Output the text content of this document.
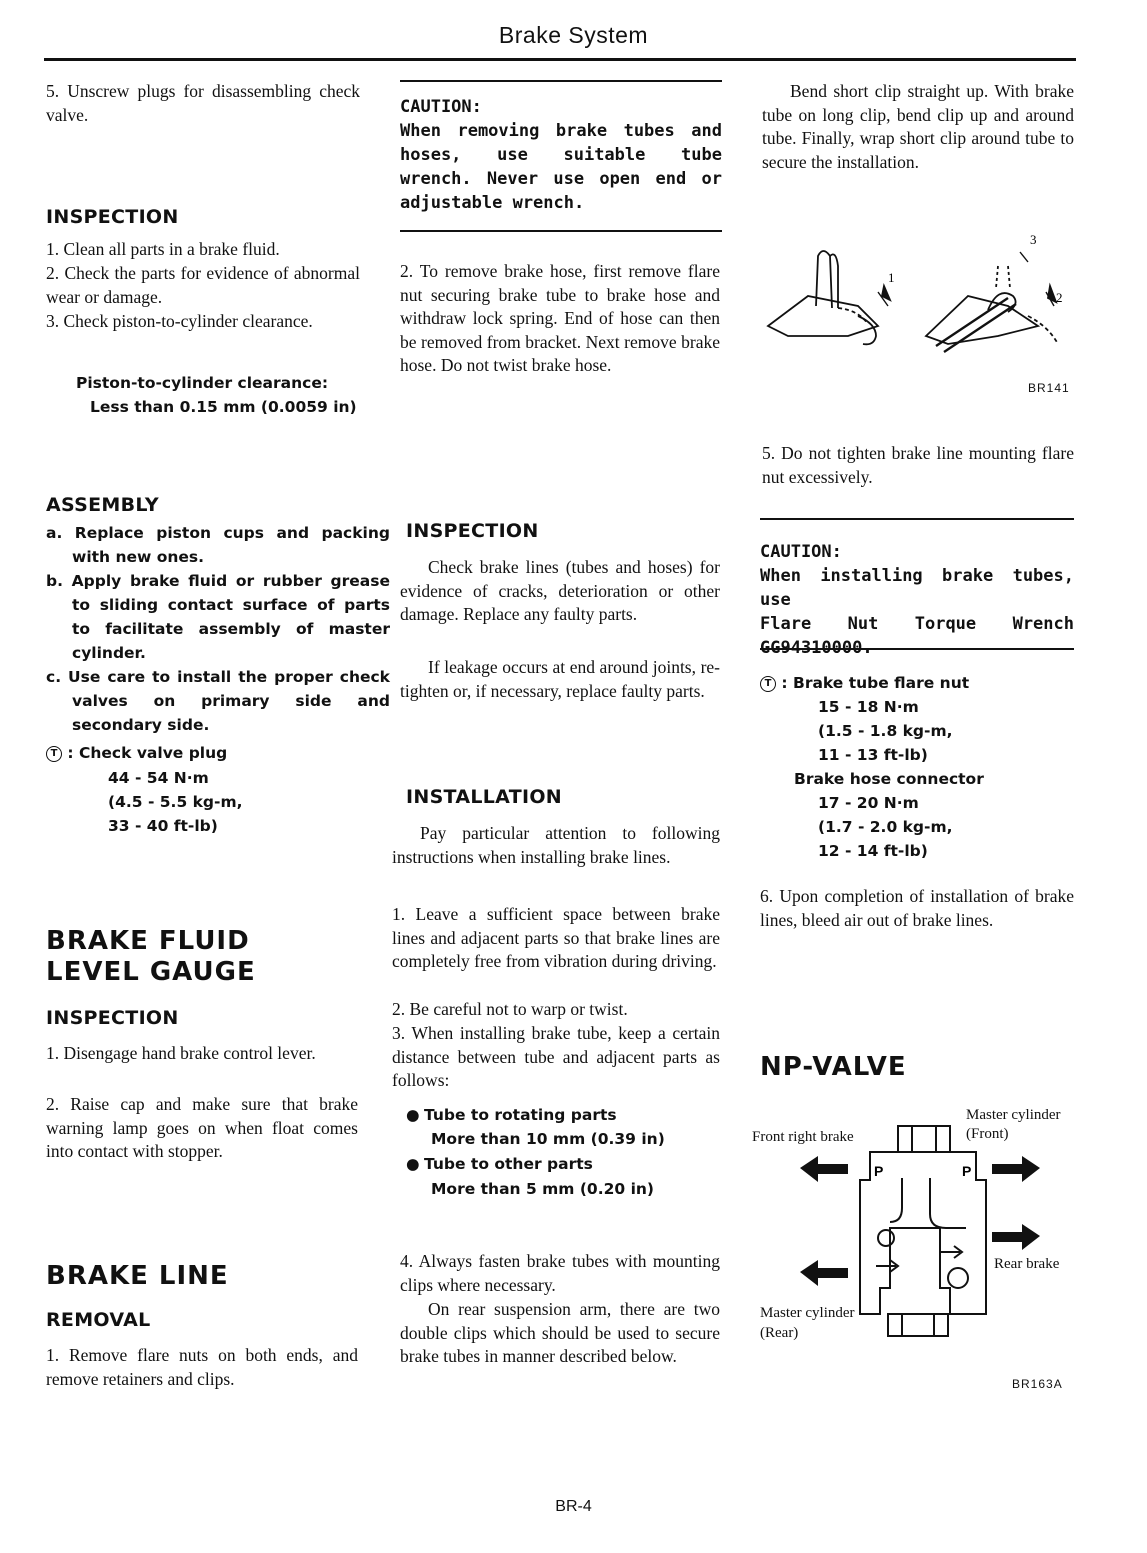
Brake System

5. Unscrew plugs for disassembling check valve.

INSPECTION

1. Clean all parts in a brake fluid.

2. Check the parts for evidence of abnormal wear or damage.

3. Check piston-to-cylinder clearance.

Piston-to-cylinder clearance:
Less than 0.15 mm (0.0059 in)
ASSEMBLY
a. Replace piston cups and packing with new ones.
b. Apply brake fluid or rubber grease to sliding contact surface of parts to facilitate assembly of master cylinder.
c. Use care to install the proper check valves on primary side and secondary side.
T : Check valve plug
44 - 54 N·m
(4.5 - 5.5 kg-m,
33 - 40 ft-lb)
BRAKE FLUID
LEVEL GAUGE
INSPECTION

1. Disengage hand brake control lever.

2. Raise cap and make sure that brake warning lamp goes on when float comes into contact with stopper.

BRAKE LINE
REMOVAL

1. Remove flare nuts on both ends, and remove retainers and clips.

CAUTION:
When removing brake tubes and hoses, use suitable tube wrench. Never use open end or adjustable wrench.

2. To remove brake hose, first remove flare nut securing brake tube to brake hose and withdraw lock spring. End of hose can then be removed from bracket. Next remove brake hose. Do not twist brake hose.

INSPECTION

Check brake lines (tubes and hoses) for evidence of cracks, deterioration or other damage. Replace any faulty parts.

If leakage occurs at end around joints, re-tighten or, if necessary, replace faulty parts.

INSTALLATION

Pay particular attention to following instructions when installing brake lines.

1. Leave a sufficient space between brake lines and adjacent parts so that brake lines are completely free from vibration during driving.

2. Be careful not to warp or twist.

3. When installing brake tube, keep a certain distance between tube and adjacent parts as follows:

● Tube to rotating parts
More than 10 mm (0.39 in)
● Tube to other parts
More than 5 mm (0.20 in)

4. Always fasten brake tubes with mounting clips where necessary.

On rear suspension arm, there are two double clips which should be used to secure brake tubes in manner described below.

Bend short clip straight up. With brake tube on long clip, bend clip up and around tube. Finally, wrap short clip around tube to secure the installation.

1
2
3
BR141

5. Do not tighten brake line mounting flare nut excessively.

CAUTION:
When installing brake tubes, use
Flare Nut Torque Wrench
GG94310000.
T : Brake tube flare nut
15 - 18 N·m
(1.5 - 1.8 kg-m,
11 - 13 ft-lb)
Brake hose connector
17 - 20 N·m
(1.7 - 2.0 kg-m,
12 - 14 ft-lb)

6. Upon completion of installation of brake lines, bleed air out of brake lines.

NP-VALVE
Front right brake
Master cylinder
(Front)
Rear brake
Master cylinder
(Rear)
P	P
BR163A
BR-4
